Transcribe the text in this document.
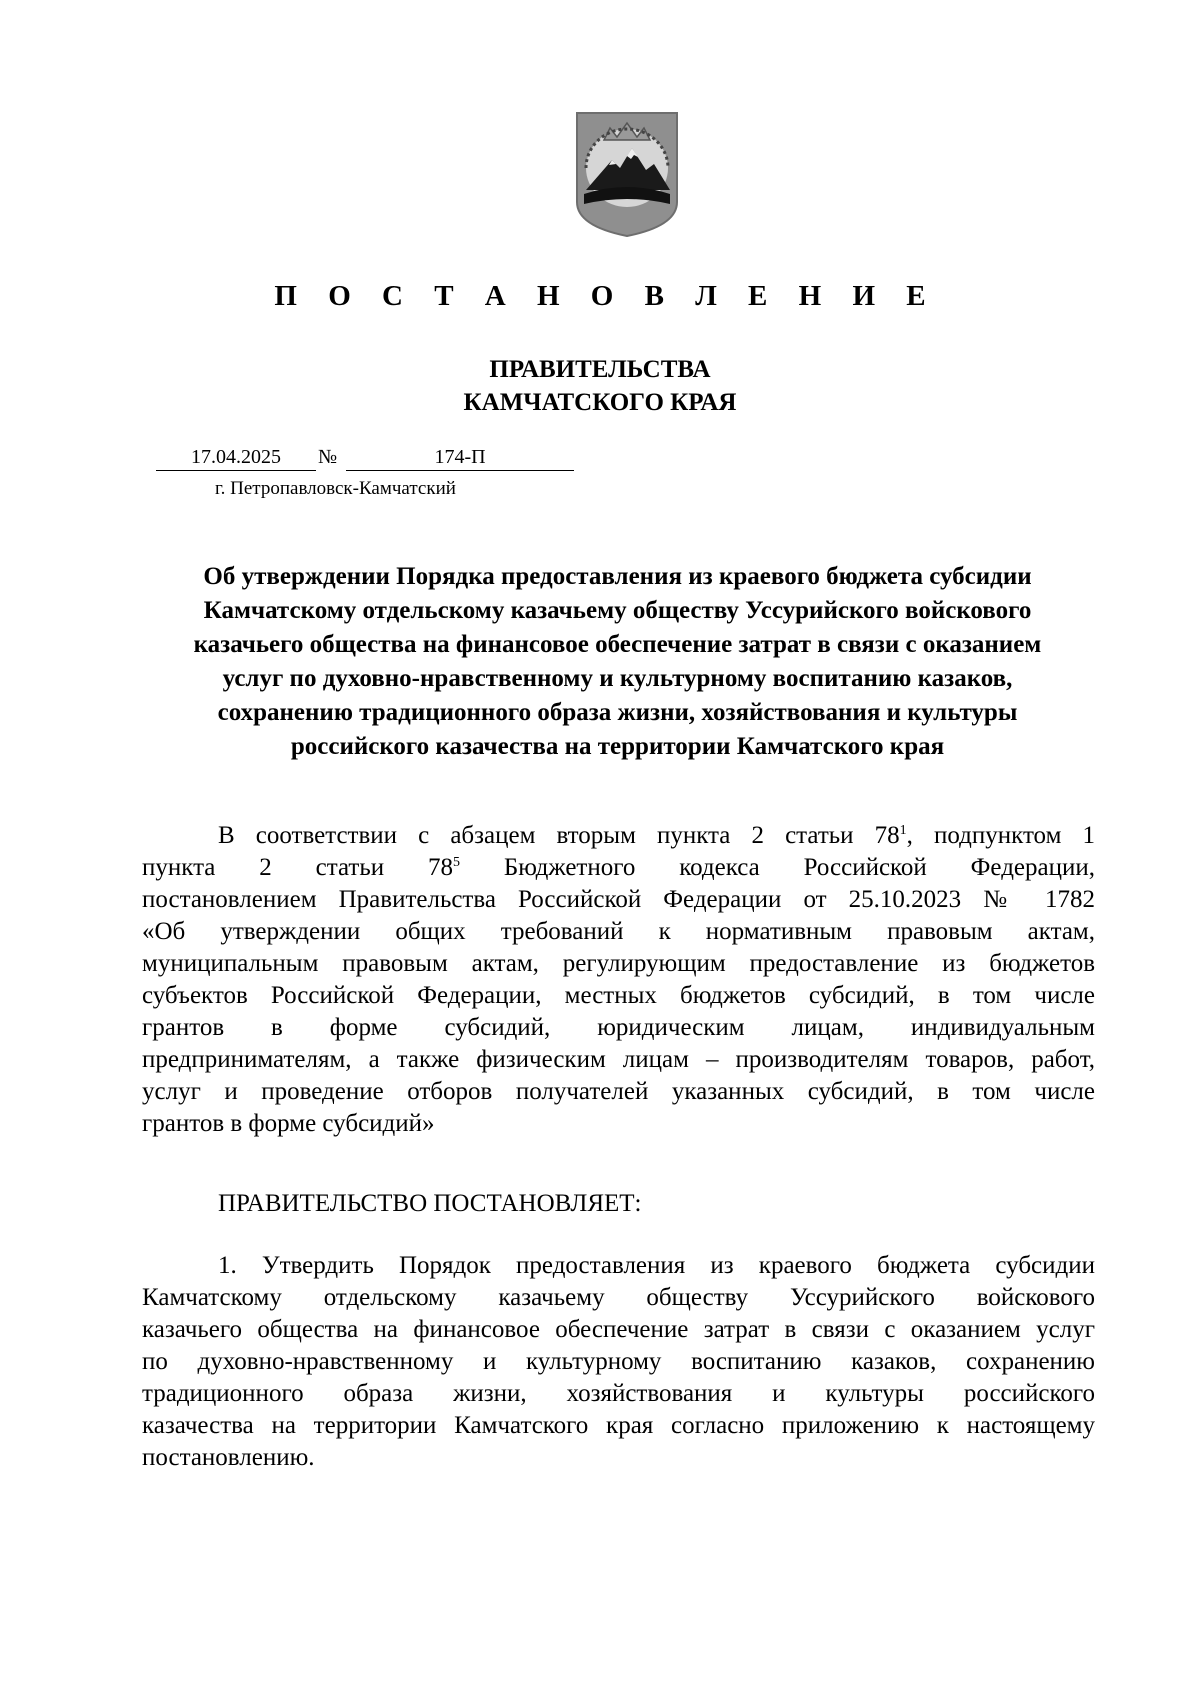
П О С Т А Н О В Л Е Н И Е
ПРАВИТЕЛЬСТВА
КАМЧАТСКОГО КРАЯ
17.04.2025	№	174-П
г. Петропавловск-Камчатский
Об утверждении Порядка предоставления из краевого бюджета субсидии
Камчатскому отдельскому казачьему обществу Уссурийского войскового
казачьего общества на финансовое обеспечение затрат в связи с оказанием
услуг по духовно-нравственному и культурному воспитанию казаков,
сохранению традиционного образа жизни, хозяйствования и культуры
российского казачества на территории Камчатского края
В соответствии с абзацем вторым пункта 2 статьи $78^1$, подпунктом 1
пункта 2 статьи $78^5$ Бюджетного кодекса Российской Федерации,
постановлением Правительства Российской Федерации от 25.10.2023 № 1782
«Об утверждении общих требований к нормативным правовым актам,
муниципальным правовым актам, регулирующим предоставление из бюджетов
субъектов Российской Федерации, местных бюджетов субсидий, в том числе
грантов в форме субсидий, юридическим лицам, индивидуальным
предпринимателям, а также физическим лицам – производителям товаров, работ,
услуг и проведение отборов получателей указанных субсидий, в том числе
грантов в форме субсидий»
ПРАВИТЕЛЬСТВО ПОСТАНОВЛЯЕТ:
1. Утвердить Порядок предоставления из краевого бюджета субсидии
Камчатскому отдельскому казачьему обществу Уссурийского войскового
казачьего общества на финансовое обеспечение затрат в связи с оказанием услуг
по духовно-нравственному и культурному воспитанию казаков, сохранению
традиционного образа жизни, хозяйствования и культуры российского
казачества на территории Камчатского края согласно приложению к настоящему
постановлению.
